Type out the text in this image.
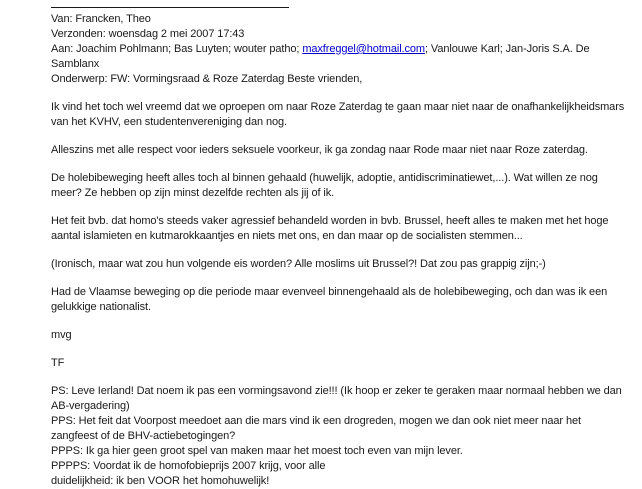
Van: Francken, Theo
Verzonden: woensdag 2 mei 2007 17:43
Aan: Joachim Pohlmann; Bas Luyten; wouter patho; maxfreggel@hotmail.com; Vanlouwe Karl; Jan-Joris S.A. De Samblanx
Onderwerp: FW: Vormingsraad & Roze Zaterdag Beste vrienden,

Ik vind het toch wel vreemd dat we oproepen om naar Roze Zaterdag te gaan maar niet naar de onafhankelijkheidsmars van het KVHV, een studentenvereniging dan nog.

Alleszins met alle respect voor ieders seksuele voorkeur, ik ga zondag naar Rode maar niet naar Roze zaterdag.

De holebibeweging heeft alles toch al binnen gehaald (huwelijk, adoptie, antidiscriminatiewet,...). Wat willen ze nog meer? Ze hebben op zijn minst dezelfde rechten als jij of ik.

Het feit bvb. dat homo's steeds vaker agressief behandeld worden in bvb. Brussel, heeft alles te maken met het hoge aantal islamieten en kutmarokkaantjes en niets met ons, en dan maar op de socialisten stemmen...

(Ironisch, maar wat zou hun volgende eis worden? Alle moslims uit Brussel?! Dat zou pas grappig zijn;-)

Had de Vlaamse beweging op die periode maar evenveel binnengehaald als de holebibeweging, och dan was ik een gelukkige nationalist.

mvg

TF

PS: Leve Ierland! Dat noem ik pas een vormingsavond zie!!! (Ik hoop er zeker te geraken maar normaal hebben we dan AB-vergadering)
PPS: Het feit dat Voorpost meedoet aan die mars vind ik een drogreden, mogen we dan ook niet meer naar het zangfeest of de BHV-actiebetogingen?
PPPS: Ik ga hier geen groot spel van maken maar het moest toch even van mijn lever.
PPPPS: Voordat ik de homofobieprijs 2007 krijg, voor alle
duidelijkheid: ik ben VOOR het homohuwelijk!
